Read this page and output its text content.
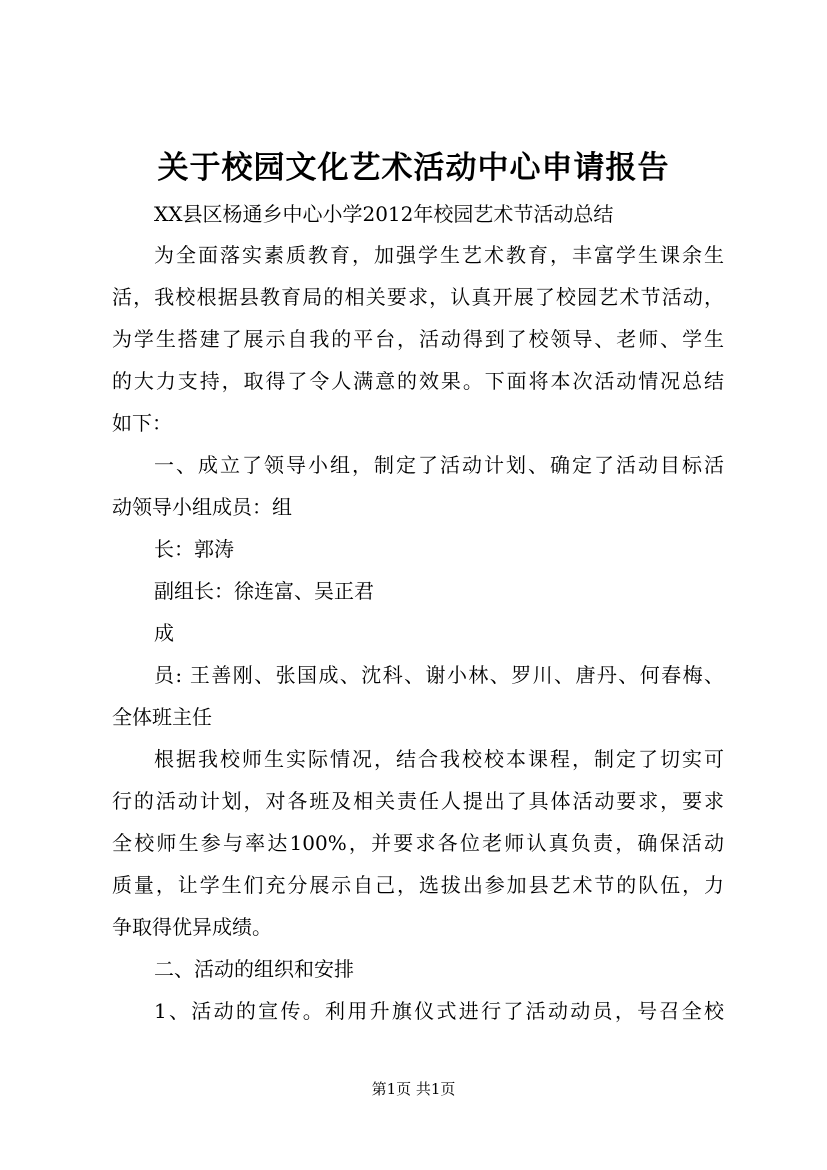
关于校园文化艺术活动中心申请报告
XX县区杨通乡中心小学2012年校园艺术节活动总结
为全面落实素质教育，加强学生艺术教育，丰富学生课余生
活，我校根据县教育局的相关要求，认真开展了校园艺术节活动，
为学生搭建了展示自我的平台，活动得到了校领导、老师、学生
的大力支持，取得了令人满意的效果。下面将本次活动情况总结
如下：
一、成立了领导小组，制定了活动计划、确定了活动目标活
动领导小组成员：组
长：郭涛
副组长：徐连富、吴正君
成
员: 王善刚、张国成、沈科、谢小林、罗川、唐丹、何春梅、
全体班主任
根据我校师生实际情况，结合我校校本课程，制定了切实可
行的活动计划，对各班及相关责任人提出了具体活动要求，要求
全校师生参与率达100%，并要求各位老师认真负责，确保活动
质量，让学生们充分展示自己，选拔出参加县艺术节的队伍，力
争取得优异成绩。
二、活动的组织和安排
1、活动的宣传。利用升旗仪式进行了活动动员，号召全校
第1页 共1页
